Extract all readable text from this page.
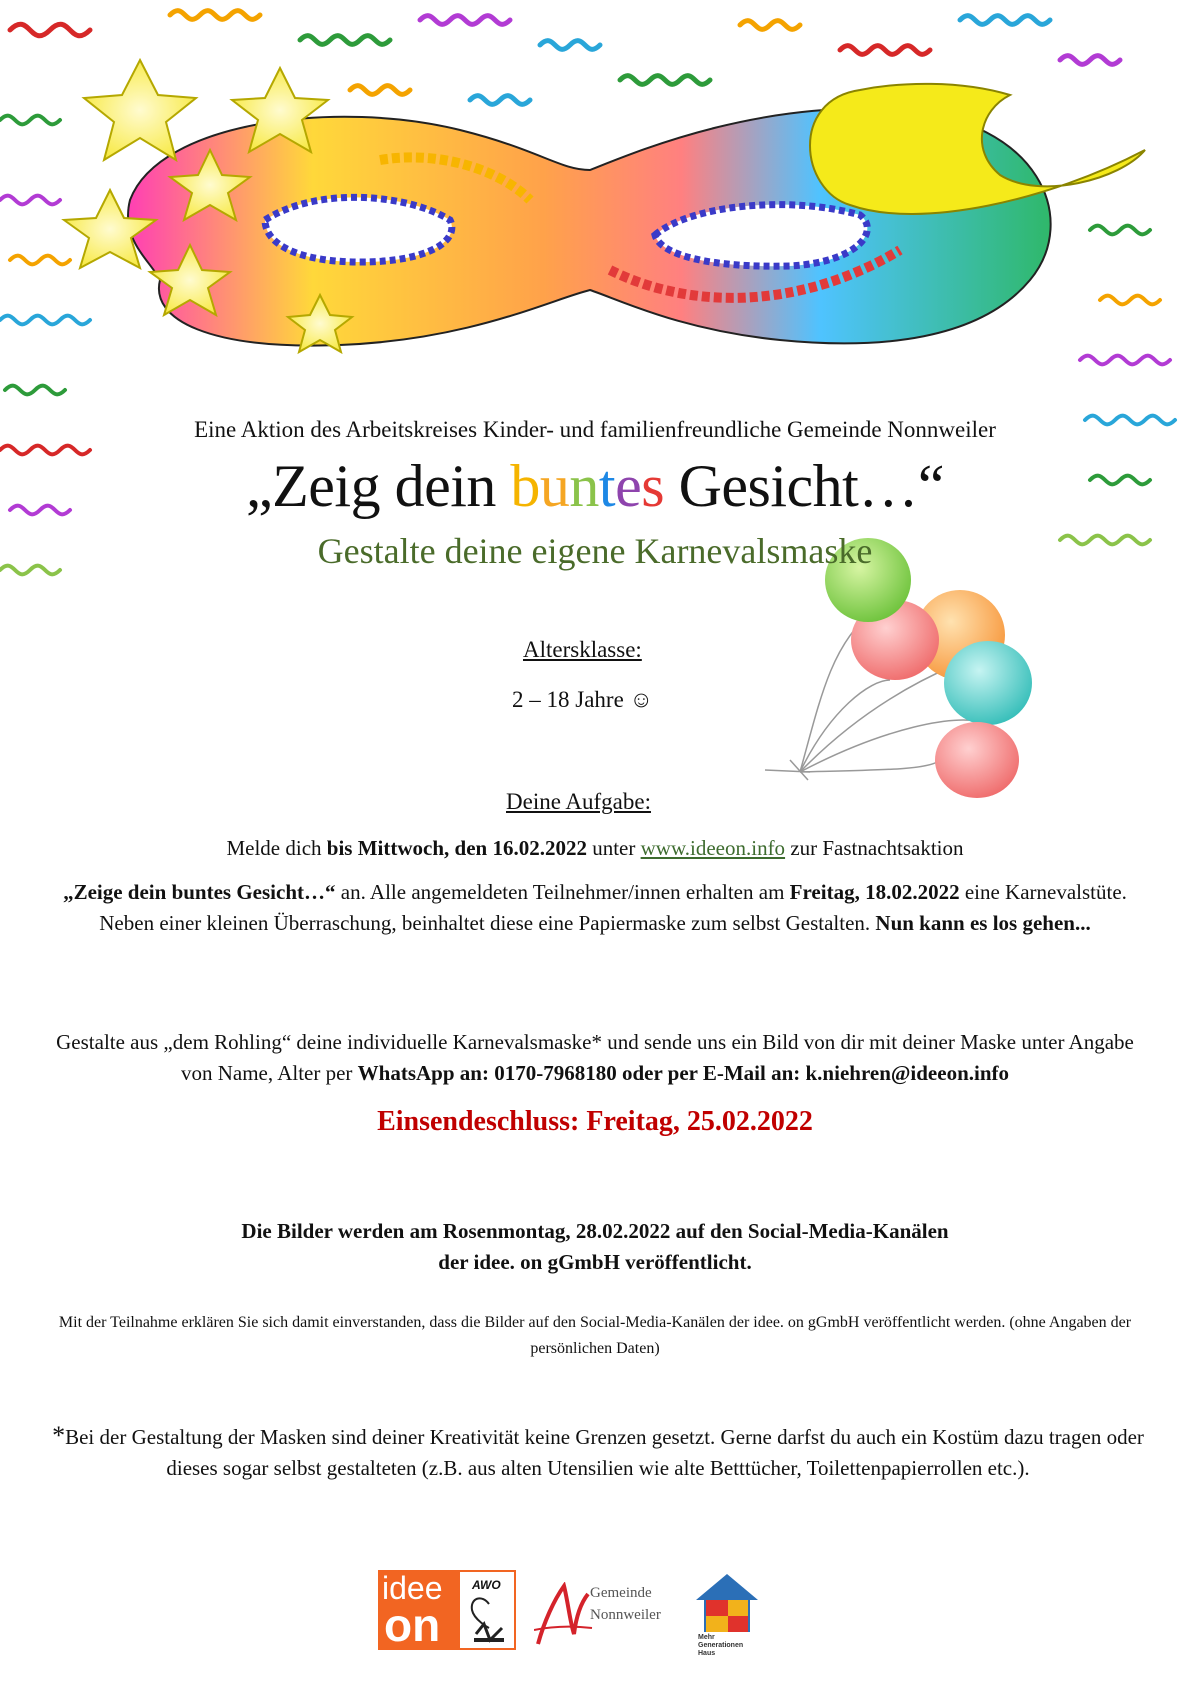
Eine Aktion des Arbeitskreises Kinder- und familienfreundliche Gemeinde Nonnweiler
„Zeig dein buntes Gesicht…“
Gestalte deine eigene Karnevalsmaske
Altersklasse:
2 – 18 Jahre ☺
Deine Aufgabe:
Melde dich bis Mittwoch, den 16.02.2022 unter www.ideeon.info zur Fastnachtsaktion
„Zeige dein buntes Gesicht…“ an. Alle angemeldeten Teilnehmer/innen erhalten am Freitag, 18.02.2022 eine Karnevalstüte. Neben einer kleinen Überraschung, beinhaltet diese eine Papiermaske zum selbst Gestalten. Nun kann es los gehen...
Gestalte aus „dem Rohling“ deine individuelle Karnevalsmaske* und sende uns ein Bild von dir mit deiner Maske unter Angabe von Name, Alter per WhatsApp an: 0170-7968180 oder per E-Mail an: k.niehren@ideeon.info
Einsendeschluss: Freitag, 25.02.2022
Die Bilder werden am Rosenmontag, 28.02.2022 auf den Social-Media-Kanälen
der idee. on gGmbH veröffentlicht.
Mit der Teilnahme erklären Sie sich damit einverstanden, dass die Bilder auf den Social-Media-Kanälen der idee. on gGmbH veröffentlicht werden. (ohne Angaben der persönlichen Daten)
*Bei der Gestaltung der Masken sind deiner Kreativität keine Grenzen gesetzt. Gerne darfst du auch ein Kostüm dazu tragen oder dieses sogar selbst gestalteten (z.B. aus alten Utensilien wie alte Betttücher, Toilettenpapierrollen etc.).
idee
on
AWO	Gemeinde
Nonnweiler
Mehr
Generationen
Haus
